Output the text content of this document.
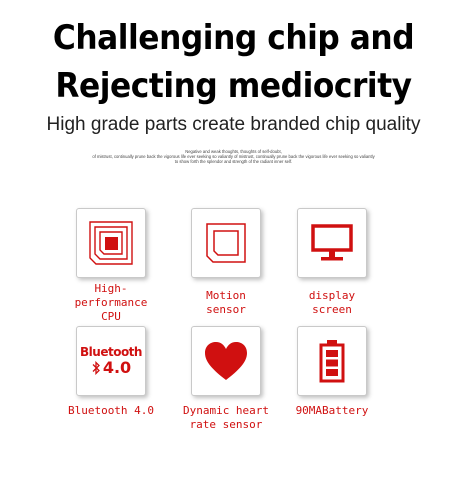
Challenging chip and
Rejecting mediocrity
High grade parts create branded chip quality
Negative and weak thoughts, thoughts of self-doubt,
of mistrust, continually prune back the vigorous life ever seeking so valiantly of mistrust, continually prune back the vigorous life ever seeking so valiantly
to show forth the splendor and strength of the radiant inner self.
High-
performance
CPU
Motion
sensor
display
screen
Bluetooth
4.0
Bluetooth 4.0	Dynamic heart
rate sensor
90MABattery
